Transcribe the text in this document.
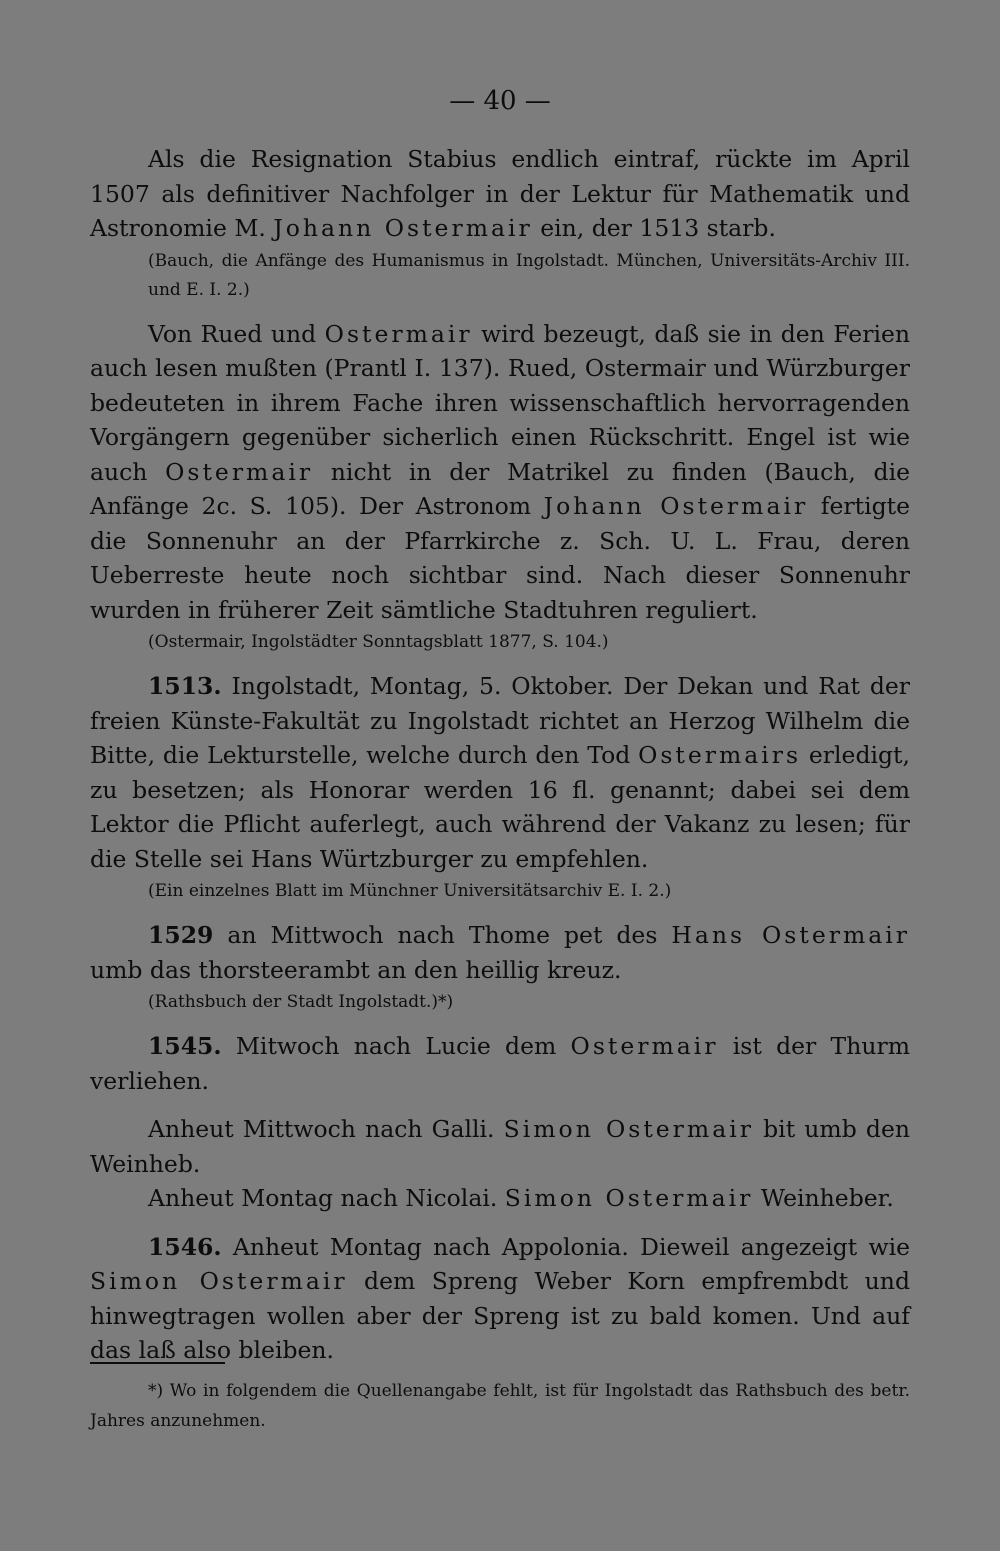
— 40 —

Als die Resignation Stabius endlich eintraf, rückte im April 1507 als definitiver Nachfolger in der Lektur für Mathematik und Astronomie M. Johann Ostermair ein, der 1513 starb.

(Bauch, die Anfänge des Humanismus in Ingolstadt. München, Universitäts-Archiv III. und E. I. 2.)

Von Rued und Ostermair wird bezeugt, daß sie in den Ferien auch lesen mußten (Prantl I. 137). Rued, Ostermair und Würzburger bedeuteten in ihrem Fache ihren wissenschaftlich hervorragenden Vorgängern gegenüber sicherlich einen Rückschritt. Engel ist wie auch Ostermair nicht in der Matrikel zu finden (Bauch, die Anfänge 2c. S. 105). Der Astronom Johann Ostermair fertigte die Sonnenuhr an der Pfarrkirche z. Sch. U. L. Frau, deren Ueberreste heute noch sichtbar sind. Nach dieser Sonnenuhr wurden in früherer Zeit sämtliche Stadtuhren reguliert.

(Ostermair, Ingolstädter Sonntagsblatt 1877, S. 104.)

1513. Ingolstadt, Montag, 5. Oktober. Der Dekan und Rat der freien Künste-Fakultät zu Ingolstadt richtet an Herzog Wilhelm die Bitte, die Lekturstelle, welche durch den Tod Ostermairs erledigt, zu besetzen; als Honorar werden 16 fl. genannt; dabei sei dem Lektor die Pflicht auferlegt, auch während der Vakanz zu lesen; für die Stelle sei Hans Würtzburger zu empfehlen.

(Ein einzelnes Blatt im Münchner Universitätsarchiv E. I. 2.)

1529 an Mittwoch nach Thome pet des Hans Ostermair umb das thorsteerambt an den heillig kreuz.

(Rathsbuch der Stadt Ingolstadt.)*)

1545. Mitwoch nach Lucie dem Ostermair ist der Thurm verliehen.

Anheut Mittwoch nach Galli. Simon Ostermair bit umb den Weinheb.

Anheut Montag nach Nicolai. Simon Ostermair Weinheber.

1546. Anheut Montag nach Appolonia. Dieweil angezeigt wie Simon Ostermair dem Spreng Weber Korn empfrembdt und hinwegtragen wollen aber der Spreng ist zu bald komen. Und auf das laß also bleiben.

*) Wo in folgendem die Quellenangabe fehlt, ist für Ingolstadt das Rathsbuch des betr. Jahres anzunehmen.
